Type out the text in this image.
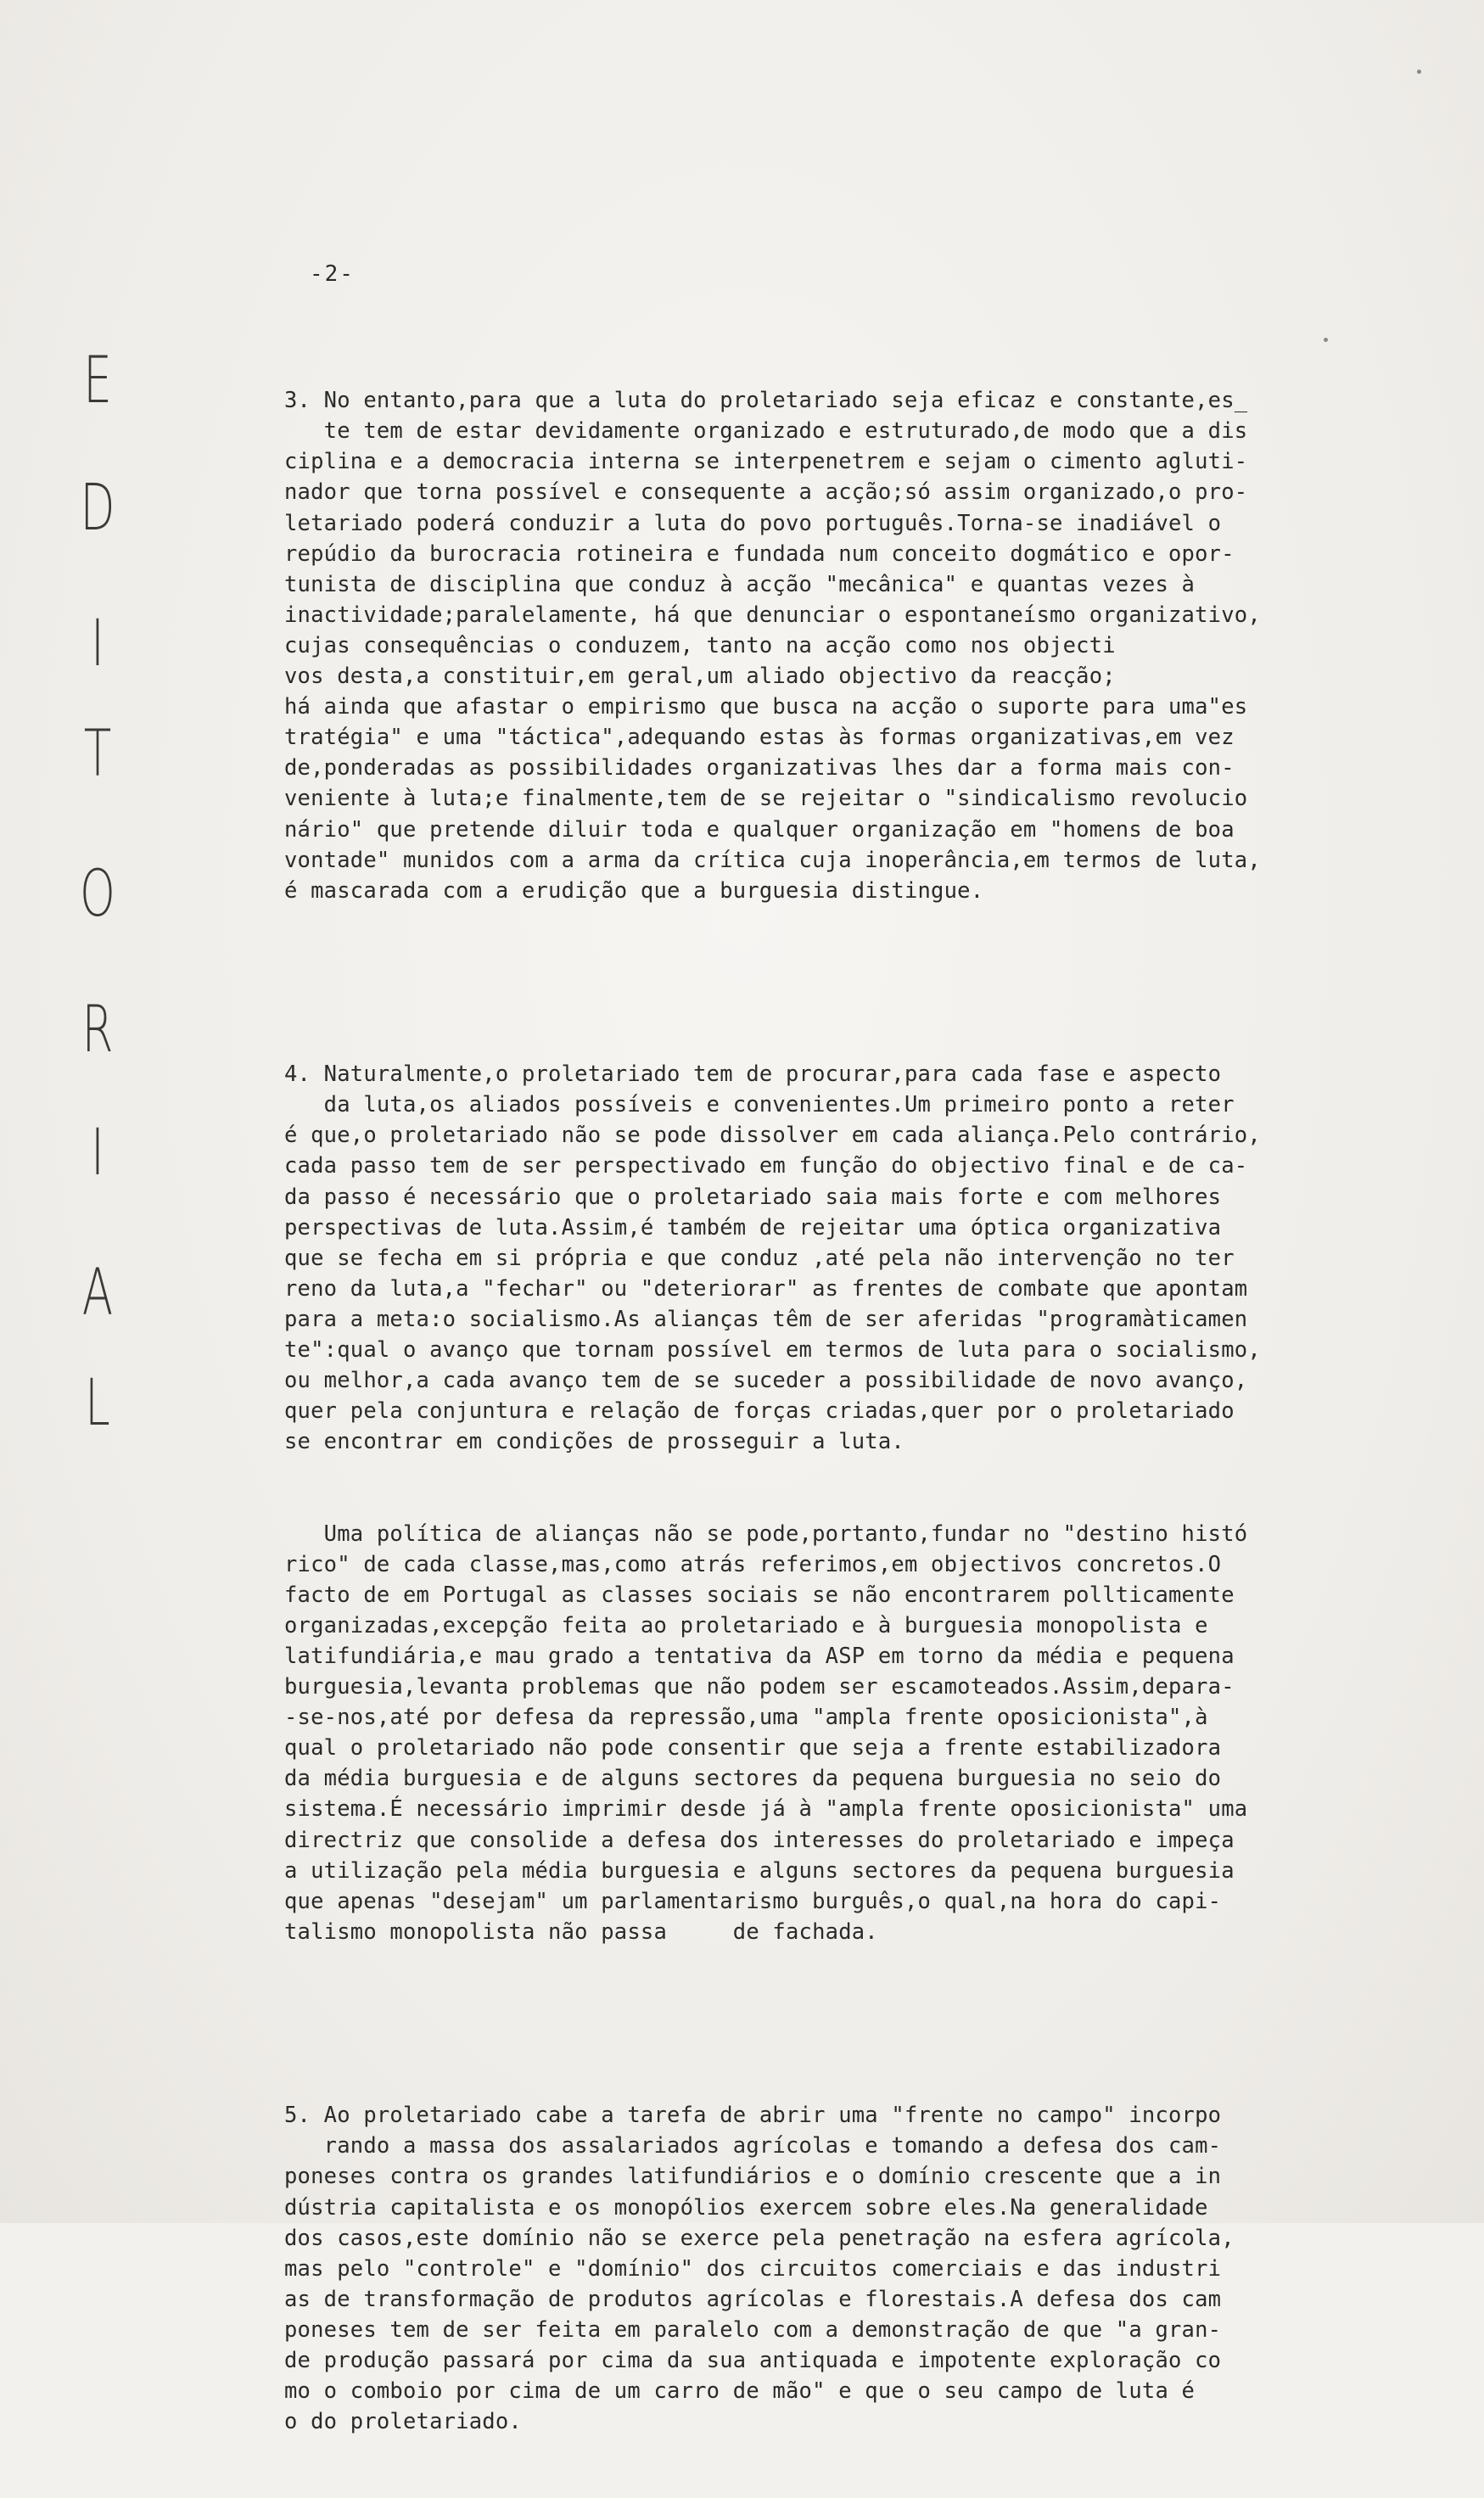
-2-
E
D
I
T
O
R
I
A
L

3. No entanto,para que a luta do proletariado seja eficaz e constante,es_
te tem de estar devidamente organizado e estruturado,de modo que a dis
ciplina e a democracia interna se interpenetrem e sejam o cimento agluti-
nador que torna possível e consequente a acção;só assim organizado,o pro-
letariado poderá conduzir a luta do povo português.Torna-se inadiável o
repúdio da burocracia rotineira e fundada num conceito dogmático e opor-
tunista de disciplina que conduz à acção "mecânica" e quantas vezes à
inactividade;paralelamente, há que denunciar o espontaneísmo organizativo,
cujas consequências o conduzem, tanto na acção como nos objecti
vos desta,a constituir,em geral,um aliado objectivo da reacção;
há ainda que afastar o empirismo que busca na acção o suporte para uma"es
tratégia" e uma "táctica",adequando estas às formas organizativas,em vez
de,ponderadas as possibilidades organizativas lhes dar a forma mais con-
veniente à luta;e finalmente,tem de se rejeitar o "sindicalismo revolucio
nário" que pretende diluir toda e qualquer organização em "homens de boa
vontade" munidos com a arma da crítica cuja inoperância,em termos de luta,
é mascarada com a erudição que a burguesia distingue.

4. Naturalmente,o proletariado tem de procurar,para cada fase e aspecto
da luta,os aliados possíveis e convenientes.Um primeiro ponto a reter
é que,o proletariado não se pode dissolver em cada aliança.Pelo contrário,
cada passo tem de ser perspectivado em função do objectivo final e de ca-
da passo é necessário que o proletariado saia mais forte e com melhores
perspectivas de luta.Assim,é também de rejeitar uma óptica organizativa
que se fecha em si própria e que conduz ,até pela não intervenção no ter
reno da luta,a "fechar" ou "deteriorar" as frentes de combate que apontam
para a meta:o socialismo.As alianças têm de ser aferidas "programàticamen
te":qual o avanço que tornam possível em termos de luta para o socialismo,
ou melhor,a cada avanço tem de se suceder a possibilidade de novo avanço,
quer pela conjuntura e relação de forças criadas,quer por o proletariado
se encontrar em condições de prosseguir a luta.

Uma política de alianças não se pode,portanto,fundar no "destino histó
rico" de cada classe,mas,como atrás referimos,em objectivos concretos.O
facto de em Portugal as classes sociais se não encontrarem pollticamente
organizadas,excepção feita ao proletariado e à burguesia monopolista e
latifundiária,e mau grado a tentativa da ASP em torno da média e pequena
burguesia,levanta problemas que não podem ser escamoteados.Assim,depara-
-se-nos,até por defesa da repressão,uma "ampla frente oposicionista",à
qual o proletariado não pode consentir que seja a frente estabilizadora
da média burguesia e de alguns sectores da pequena burguesia no seio do
sistema.É necessário imprimir desde já à "ampla frente oposicionista" uma
directriz que consolide a defesa dos interesses do proletariado e impeça
a utilização pela média burguesia e alguns sectores da pequena burguesia
que apenas "desejam" um parlamentarismo burguês,o qual,na hora do capi-
talismo monopolista não passa     de fachada.

5. Ao proletariado cabe a tarefa de abrir uma "frente no campo" incorpo
rando a massa dos assalariados agrícolas e tomando a defesa dos cam-
poneses contra os grandes latifundiários e o domínio crescente que a in
dústria capitalista e os monopólios exercem sobre eles.Na generalidade
dos casos,este domínio não se exerce pela penetração na esfera agrícola,
mas pelo "controle" e "domínio" dos circuitos comerciais e das industri
as de transformação de produtos agrícolas e florestais.A defesa dos cam
poneses tem de ser feita em paralelo com a demonstração de que "a gran-
de produção passará por cima da sua antiquada e impotente exploração co
mo o comboio por cima de um carro de mão" e que o seu campo de luta é
o do proletariado.
